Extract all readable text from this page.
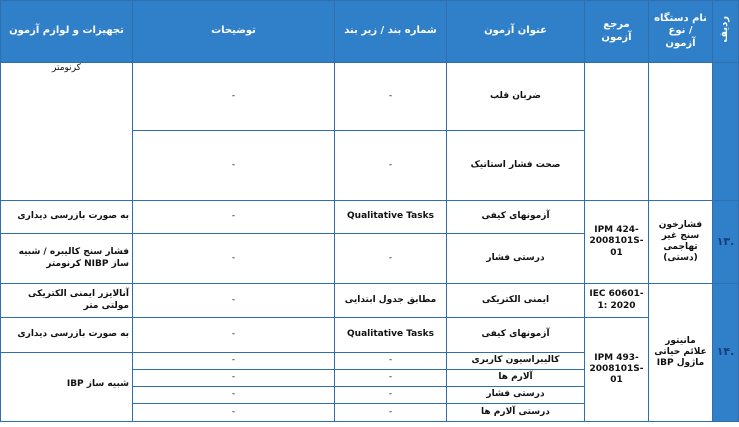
ردیف	نام دستگاه / نوع آزمون	مرجع آزمون	عنوان آزمون	شماره بند / زیر بند	توضیحات	تجهیزات و لوازم آزمون
			ضربان قلب	-	-	کرنومتر
			صحت فشار استاتیک	-	-	
.۱۳	فشارخون سنج غیر تهاجمی (دستی)	IPM 424-2008101S-01	آزمونهای کیفی	Qualitative Tasks	-	به صورت بازرسی دیداری
			درستی فشار	-	-	فشار سنج کالیبره / شبیه ساز NIBP کرنومتر
.۱۴	مانیتور علائم حیاتی ماژول IBP	IEC 60601-1: 2020	ایمنی الکتریکی	مطابق جدول ابتدایی	-	آنالایزر ایمنی الکتریکی مولتی متر
		IPM 493-2008101S-01	آزمونهای کیفی	Qualitative Tasks	-	به صورت بازرسی دیداری
			کالیبراسیون کاربری	-	-	شبیه ساز IBP
			آلارم ها	-	-	
			درستی فشار	-	-	
			درستی آلارم ها	-	-	
